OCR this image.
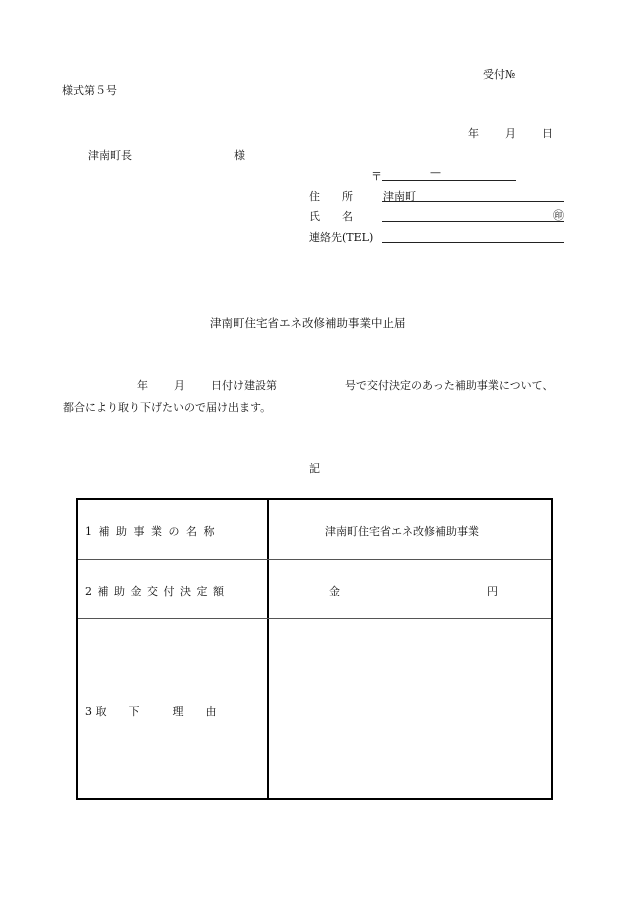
受付№
様式第５号
年 月 日
津南町長	様
〒	—
住　　所	津南町
氏　　名	㊞
連絡先(TEL)
津南町住宅省エネ改修補助事業中止届
年 月 日付け建設第	号で交付決定のあった補助事業について、
都合により取り下げたいので届け出ます。
記
1 補 助 事 業 の 名 称	津南町住宅省エネ改修補助事業
2 補 助 金 交 付 決 定 額	金	円
3 取　　下　　　理　　由
